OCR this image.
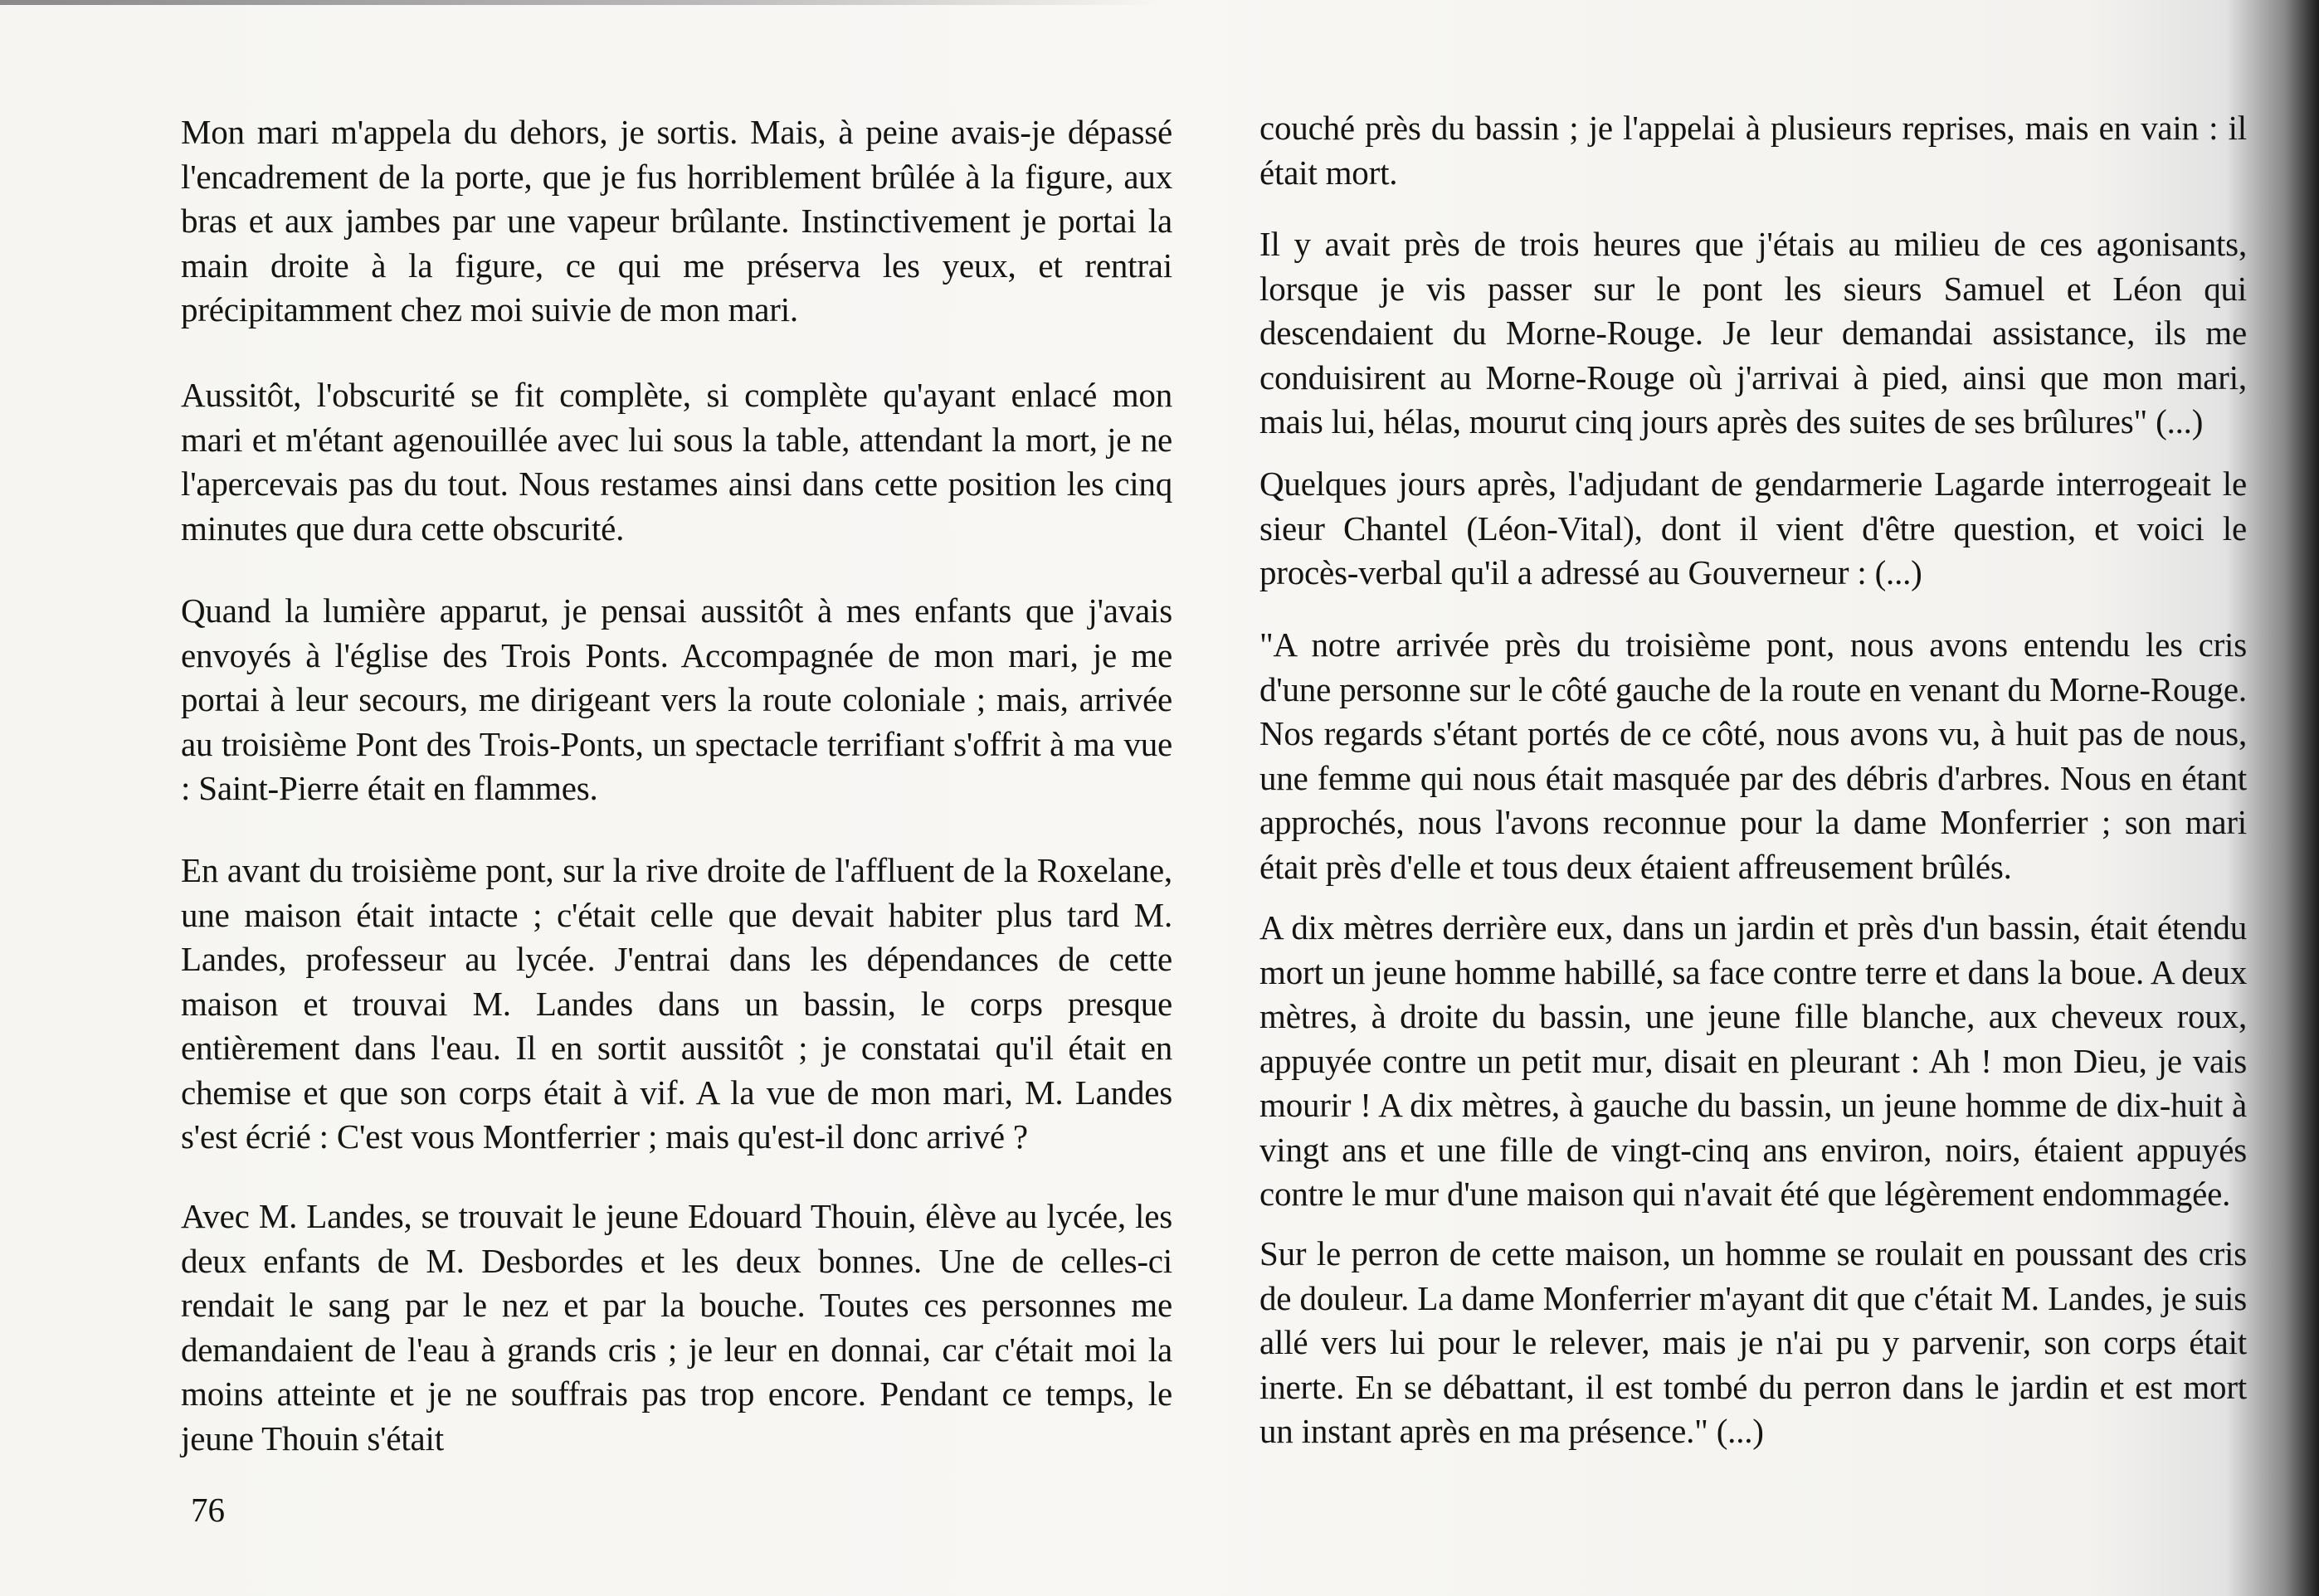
Mon mari m'appela du dehors, je sortis. Mais, à peine avais-je dépassé l'encadrement de la porte, que je fus horriblement brûlée à la figure, aux bras et aux jambes par une vapeur brûlante. Instinctivement je portai la main droite à la figure, ce qui me préserva les yeux, et rentrai précipitamment chez moi suivie de mon mari.

Aussitôt, l'obscurité se fit complète, si complète qu'ayant enlacé mon mari et m'étant agenouillée avec lui sous la table, attendant la mort, je ne l'apercevais pas du tout. Nous restames ainsi dans cette position les cinq minutes que dura cette obscurité.

Quand la lumière apparut, je pensai aussitôt à mes enfants que j'avais envoyés à l'église des Trois Ponts. Accompagnée de mon mari, je me portai à leur secours, me dirigeant vers la route coloniale ; mais, arrivée au troisième Pont des Trois-Ponts, un spectacle terrifiant s'offrit à ma vue : Saint-Pierre était en flammes.

En avant du troisième pont, sur la rive droite de l'affluent de la Roxelane, une maison était intacte ; c'était celle que devait habiter plus tard M. Landes, professeur au lycée. J'entrai dans les dépendances de cette maison et trouvai M. Landes dans un bassin, le corps presque entièrement dans l'eau. Il en sortit aussitôt ; je constatai qu'il était en chemise et que son corps était à vif. A la vue de mon mari, M. Landes s'est écrié : C'est vous Montferrier ; mais qu'est-il donc arrivé ?

Avec M. Landes, se trouvait le jeune Edouard Thouin, élève au lycée, les deux enfants de M. Desbordes et les deux bonnes. Une de celles-ci rendait le sang par le nez et par la bouche. Toutes ces personnes me demandaient de l'eau à grands cris ; je leur en donnai, car c'était moi la moins atteinte et je ne souffrais pas trop encore. Pendant ce temps, le jeune Thouin s'était

couché près du bassin ; je l'appelai à plusieurs reprises, mais en vain : il était mort.

Il y avait près de trois heures que j'étais au milieu de ces agonisants, lorsque je vis passer sur le pont les sieurs Samuel et Léon qui descendaient du Morne-Rouge. Je leur demandai assistance, ils me conduisirent au Morne-Rouge où j'arrivai à pied, ainsi que mon mari, mais lui, hélas, mourut cinq jours après des suites de ses brûlures" (...)

Quelques jours après, l'adjudant de gendarmerie Lagarde interrogeait le sieur Chantel (Léon-Vital), dont il vient d'être question, et voici le procès-verbal qu'il a adressé au Gouverneur : (...)

"A notre arrivée près du troisième pont, nous avons entendu les cris d'une personne sur le côté gauche de la route en venant du Morne-Rouge. Nos regards s'étant portés de ce côté, nous avons vu, à huit pas de nous, une femme qui nous était masquée par des débris d'arbres. Nous en étant approchés, nous l'avons reconnue pour la dame Monferrier ; son mari était près d'elle et tous deux étaient affreusement brûlés.

A dix mètres derrière eux, dans un jardin et près d'un bassin, était étendu mort un jeune homme habillé, sa face contre terre et dans la boue. A deux mètres, à droite du bassin, une jeune fille blanche, aux cheveux roux, appuyée contre un petit mur, disait en pleurant : Ah ! mon Dieu, je vais mourir ! A dix mètres, à gauche du bassin, un jeune homme de dix-huit à vingt ans et une fille de vingt-cinq ans environ, noirs, étaient appuyés contre le mur d'une maison qui n'avait été que légèrement endommagée.

Sur le perron de cette maison, un homme se roulait en poussant des cris de douleur. La dame Monferrier m'ayant dit que c'était M. Landes, je suis allé vers lui pour le relever, mais je n'ai pu y parvenir, son corps était inerte. En se débattant, il est tombé du perron dans le jardin et est mort un instant après en ma présence." (...)

76
